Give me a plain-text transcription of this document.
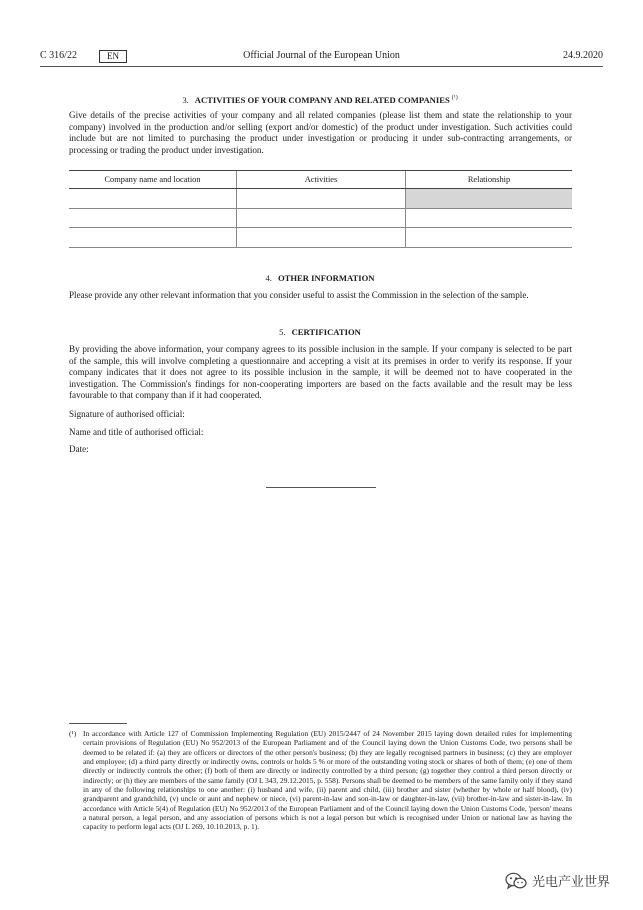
C 316/22	EN	Official Journal of the European Union	24.9.2020
3. ACTIVITIES OF YOUR COMPANY AND RELATED COMPANIES $^{(^1)}$
Give details of the precise activities of your company and all related companies (please list them and state the relationship to your company) involved in the production and/or selling (export and/or domestic) of the product under investigation. Such activities could include but are not limited to purchasing the product under investigation or producing it under sub-contracting arrangements, or processing or trading the product under investigation.
Company name and location	Activities	Relationship

4. OTHER INFORMATION
Please provide any other relevant information that you consider useful to assist the Commission in the selection of the sample.
5. CERTIFICATION
By providing the above information, your company agrees to its possible inclusion in the sample. If your company is selected to be part of the sample, this will involve completing a questionnaire and accepting a visit at its premises in order to verify its response. If your company indicates that it does not agree to its possible inclusion in the sample, it will be deemed not to have cooperated in the investigation. The Commission's findings for non-cooperating importers are based on the facts available and the result may be less favourable to that company than if it had cooperated.
Signature of authorised official:
Name and title of authorised official:
Date:
(¹) In accordance with Article 127 of Commission Implementing Regulation (EU) 2015/2447 of 24 November 2015 laying down detailed rules for implementing certain provisions of Regulation (EU) No 952/2013 of the European Parliament and of the Council laying down the Union Customs Code, two persons shall be deemed to be related if: (a) they are officers or directors of the other person's business; (b) they are legally recognised partners in business; (c) they are employer and employee; (d) a third party directly or indirectly owns, controls or holds 5 % or more of the outstanding voting stock or shares of both of them; (e) one of them directly or indirectly controls the other; (f) both of them are directly or indirectly controlled by a third person; (g) together they control a third person directly or indirectly; or (h) they are members of the same family (OJ L 343, 29.12.2015, p. 558). Persons shall be deemed to be members of the same family only if they stand in any of the following relationships to one another: (i) husband and wife, (ii) parent and child, (iii) brother and sister (whether by whole or half blood), (iv) grandparent and grandchild, (v) uncle or aunt and nephew or niece, (vi) parent-in-law and son-in-law or daughter-in-law, (vii) brother-in-law and sister-in-law. In accordance with Article 5(4) of Regulation (EU) No 952/2013 of the European Parliament and of the Council laying down the Union Customs Code, 'person' means a natural person, a legal person, and any association of persons which is not a legal person but which is recognised under Union or national law as having the capacity to perform legal acts (OJ L 269, 10.10.2013, p. 1).
光电产业世界
